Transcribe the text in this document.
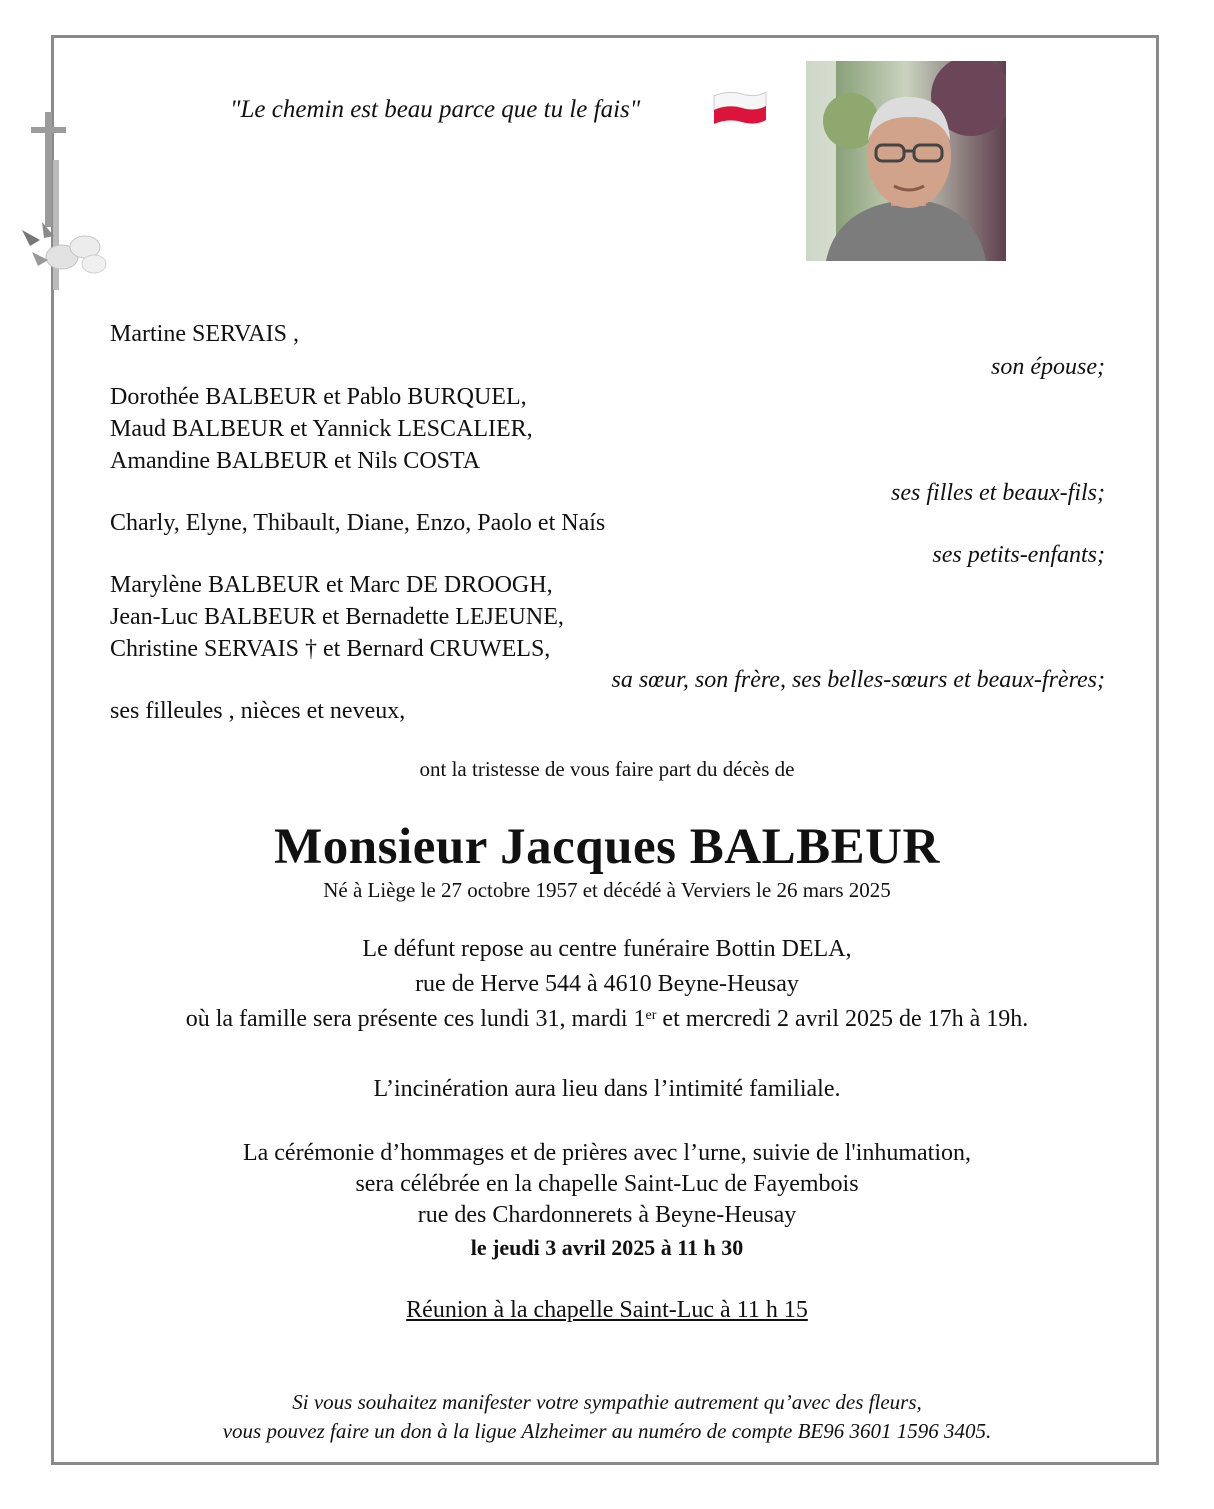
"Le chemin est beau parce que tu le fais"
Martine SERVAIS ,
son épouse;
Dorothée BALBEUR et Pablo BURQUEL,
Maud BALBEUR et Yannick LESCALIER,
Amandine BALBEUR et Nils COSTA
ses filles et beaux-fils;
Charly, Elyne, Thibault, Diane, Enzo, Paolo et Naís
ses petits-enfants;
Marylène BALBEUR et Marc DE DROOGH,
Jean-Luc BALBEUR et Bernadette LEJEUNE,
Christine SERVAIS † et Bernard CRUWELS,
sa sœur, son frère, ses belles-sœurs et beaux-frères;
ses filleules , nièces et neveux,
ont la tristesse de vous faire part du décès de
Monsieur Jacques BALBEUR
Né à Liège le 27 octobre 1957 et décédé à Verviers le 26 mars 2025
Le défunt repose au centre funéraire Bottin DELA,
rue de Herve 544 à 4610 Beyne-Heusay
où la famille sera présente ces lundi 31, mardi 1er et mercredi 2 avril 2025 de 17h à 19h.
L’incinération aura lieu dans l’intimité familiale.
La cérémonie d’hommages et de prières avec l’urne, suivie de l'inhumation,
sera célébrée en la chapelle Saint-Luc de Fayembois
rue des Chardonnerets à Beyne-Heusay
le jeudi 3 avril 2025 à 11 h 30
Réunion à la chapelle Saint-Luc à 11 h 15
Si vous souhaitez manifester votre sympathie autrement qu’avec des fleurs,
vous pouvez faire un don à la ligue Alzheimer au numéro de compte BE96 3601 1596 3405.
